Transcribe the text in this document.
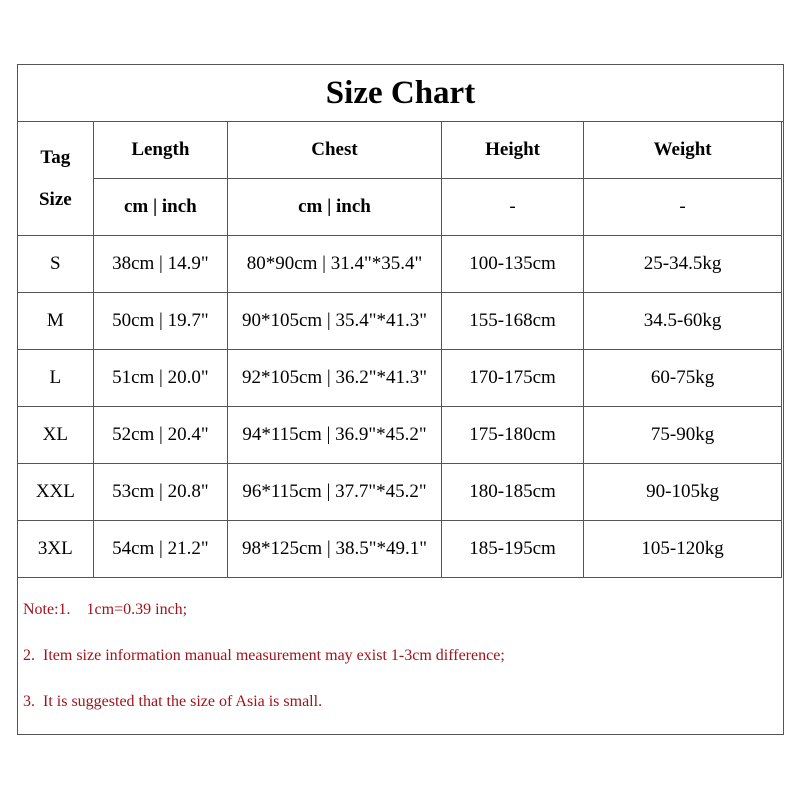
Size Chart
Tag
Size	Length	Chest	Height	Weight
	cm | inch	cm | inch	-	-
S	38cm | 14.9"	80*90cm | 31.4"*35.4"	100-135cm	25-34.5kg
M	50cm | 19.7"	90*105cm | 35.4"*41.3"	155-168cm	34.5-60kg
L	51cm | 20.0"	92*105cm | 36.2"*41.3"	170-175cm	60-75kg
XL	52cm | 20.4"	94*115cm | 36.9"*45.2"	175-180cm	75-90kg
XXL	53cm | 20.8"	96*115cm | 37.7"*45.2"	180-185cm	90-105kg
3XL	54cm | 21.2"	98*125cm | 38.5"*49.1"	185-195cm	105-120kg
Note:1.    1cm=0.39 inch;
2.  Item size information manual measurement may exist 1-3cm difference;
3.  It is suggested that the size of Asia is small.
